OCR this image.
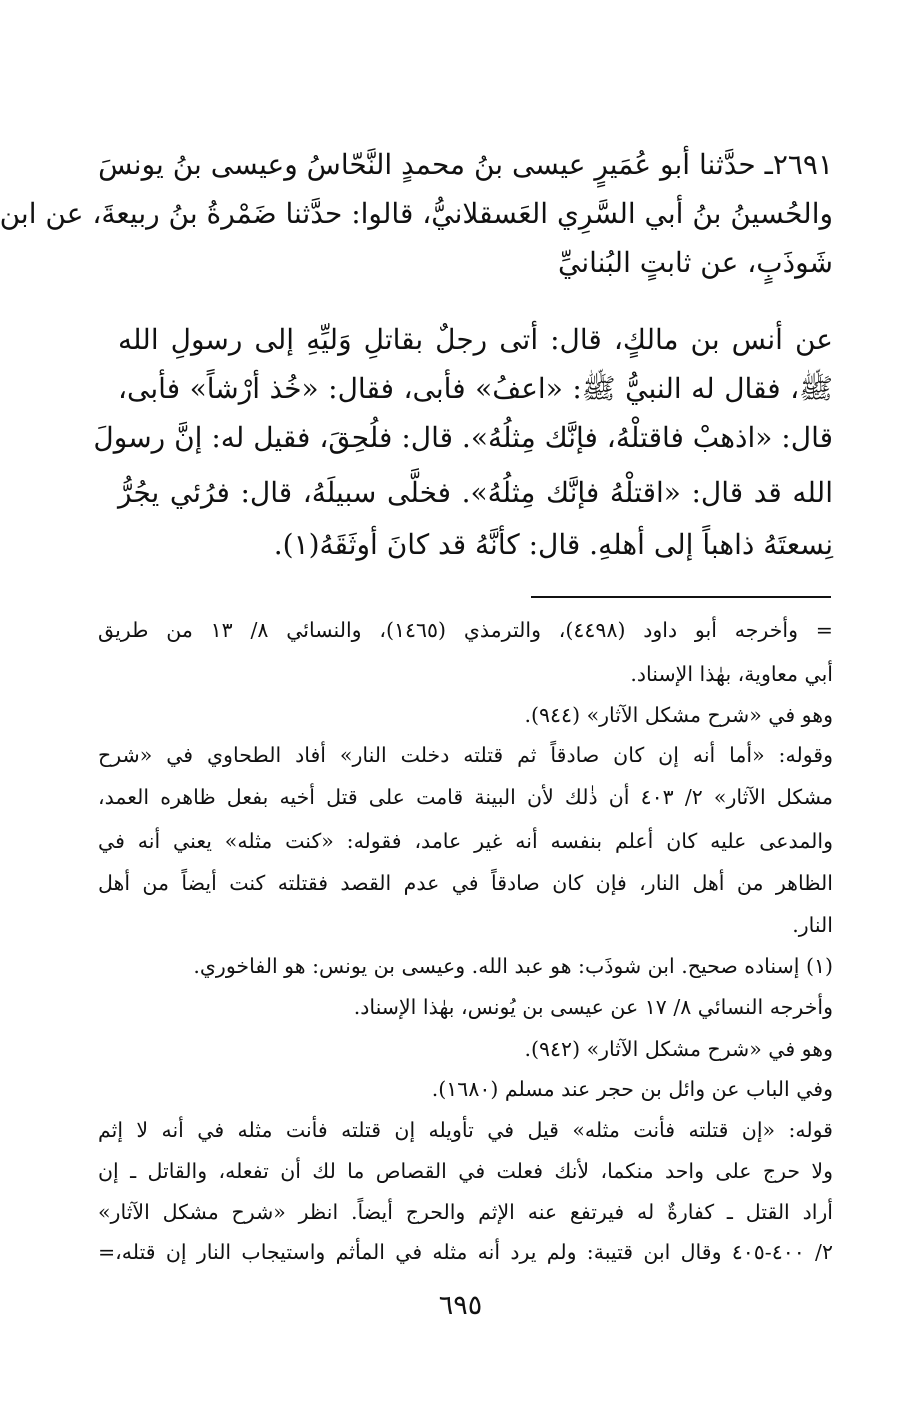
٢٦٩١ـ حدَّثنا أبو عُمَيرٍ عيسى بنُ محمدٍ النَّحّاسُ وعيسى بنُ يونسَ
والحُسينُ بنُ أبي السَّرِي العَسقلانيُّ، قالوا: حدَّثنا ضَمْرةُ بنُ ربيعةَ، عن ابن
شَوذَبٍ، عن ثابتٍ البُنانيِّ
عن أنس بن مالكٍ، قال: أتى رجلٌ بقاتلِ وَليِّهِ إلى رسولِ الله
ﷺ، فقال له النبيُّ ﷺ: «اعفُ» فأبى، فقال: «خُذ أرْشاً» فأبى،
قال: «اذهبْ فاقتلْهُ، فإنَّك مِثلُهُ». قال: فلُحِقَ، فقيل له: إنَّ رسولَ
الله قد قال: «اقتلْهُ فإنَّك مِثلُهُ». فخلَّى سبيلَهُ، قال: فرُئي يجُرُّ
نِسعتَهُ ذاهباً إلى أهلهِ. قال: كأنَّهُ قد كانَ أوثَقَهُ(١).
= وأخرجه أبو داود (٤٤٩٨)، والترمذي (١٤٦٥)، والنسائي ٨/ ١٣ من طريق
أبي معاوية، بهٰذا الإسناد.
وهو في «شرح مشكل الآثار» (٩٤٤).
وقوله: «أما أنه إن كان صادقاً ثم قتلته دخلت النار» أفاد الطحاوي في «شرح
مشكل الآثار» ٢/ ٤٠٣ أن ذٰلك لأن البينة قامت على قتل أخيه بفعل ظاهره العمد،
والمدعى عليه كان أعلم بنفسه أنه غير عامد، فقوله: «كنت مثله» يعني أنه في
الظاهر من أهل النار، فإن كان صادقاً في عدم القصد فقتلته كنت أيضاً من أهل
النار.
(١) إسناده صحيح. ابن شوذَب: هو عبد الله. وعيسى بن يونس: هو الفاخوري.
وأخرجه النسائي ٨/ ١٧ عن عيسى بن يُونس، بهٰذا الإسناد.
وهو في «شرح مشكل الآثار» (٩٤٢).
وفي الباب عن وائل بن حجر عند مسلم (١٦٨٠).
قوله: «إن قتلته فأنت مثله» قيل في تأويله إن قتلته فأنت مثله في أنه لا إثم
ولا حرج على واحد منكما، لأنك فعلت في القصاص ما لك أن تفعله، والقاتل ـ إن
أراد القتل ـ كفارةٌ له فيرتفع عنه الإثم والحرج أيضاً. انظر «شرح مشكل الآثار»
٢/ ٤٠٠-٤٠٥ وقال ابن قتيبة: ولم يرد أنه مثله في المأثم واستيجاب النار إن قتله،=
٦٩٥
